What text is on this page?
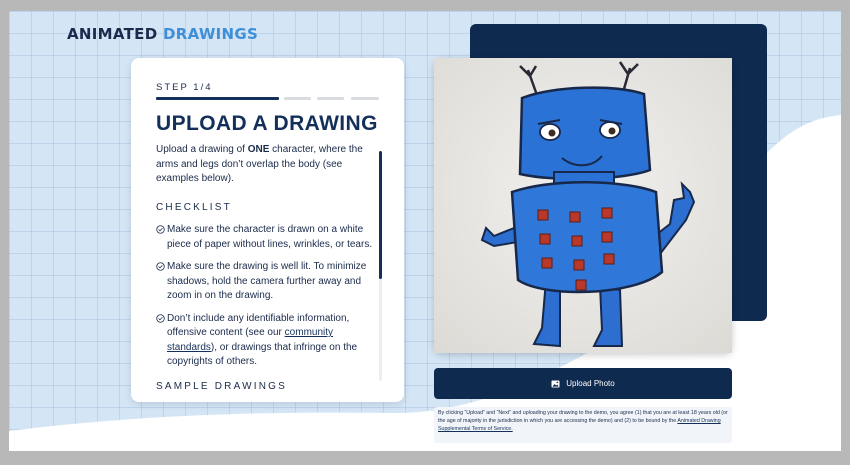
ANIMATED DRAWINGS
STEP 1/4
UPLOAD A DRAWING

Upload a drawing of ONE character, where the arms and legs don’t overlap the body (see examples below).

CHECKLIST
Make sure the character is drawn on a white piece of paper without lines, wrinkles, or tears.
Make sure the drawing is well lit. To minimize shadows, hold the camera further away and zoom in on the drawing.
Don’t include any identifiable information, offensive content (see our community standards), or drawings that infringe on the copyrights of others.
SAMPLE DRAWINGS	Upload Photo
By clicking “Upload” and “Next” and uploading your drawing to the demo, you agree (1) that you are at least 18 years old (or the age of majority in the jurisdiction in which you are accessing the demo) and (2) to be bound by the Animated Drawing Supplemental Terms of Service.
